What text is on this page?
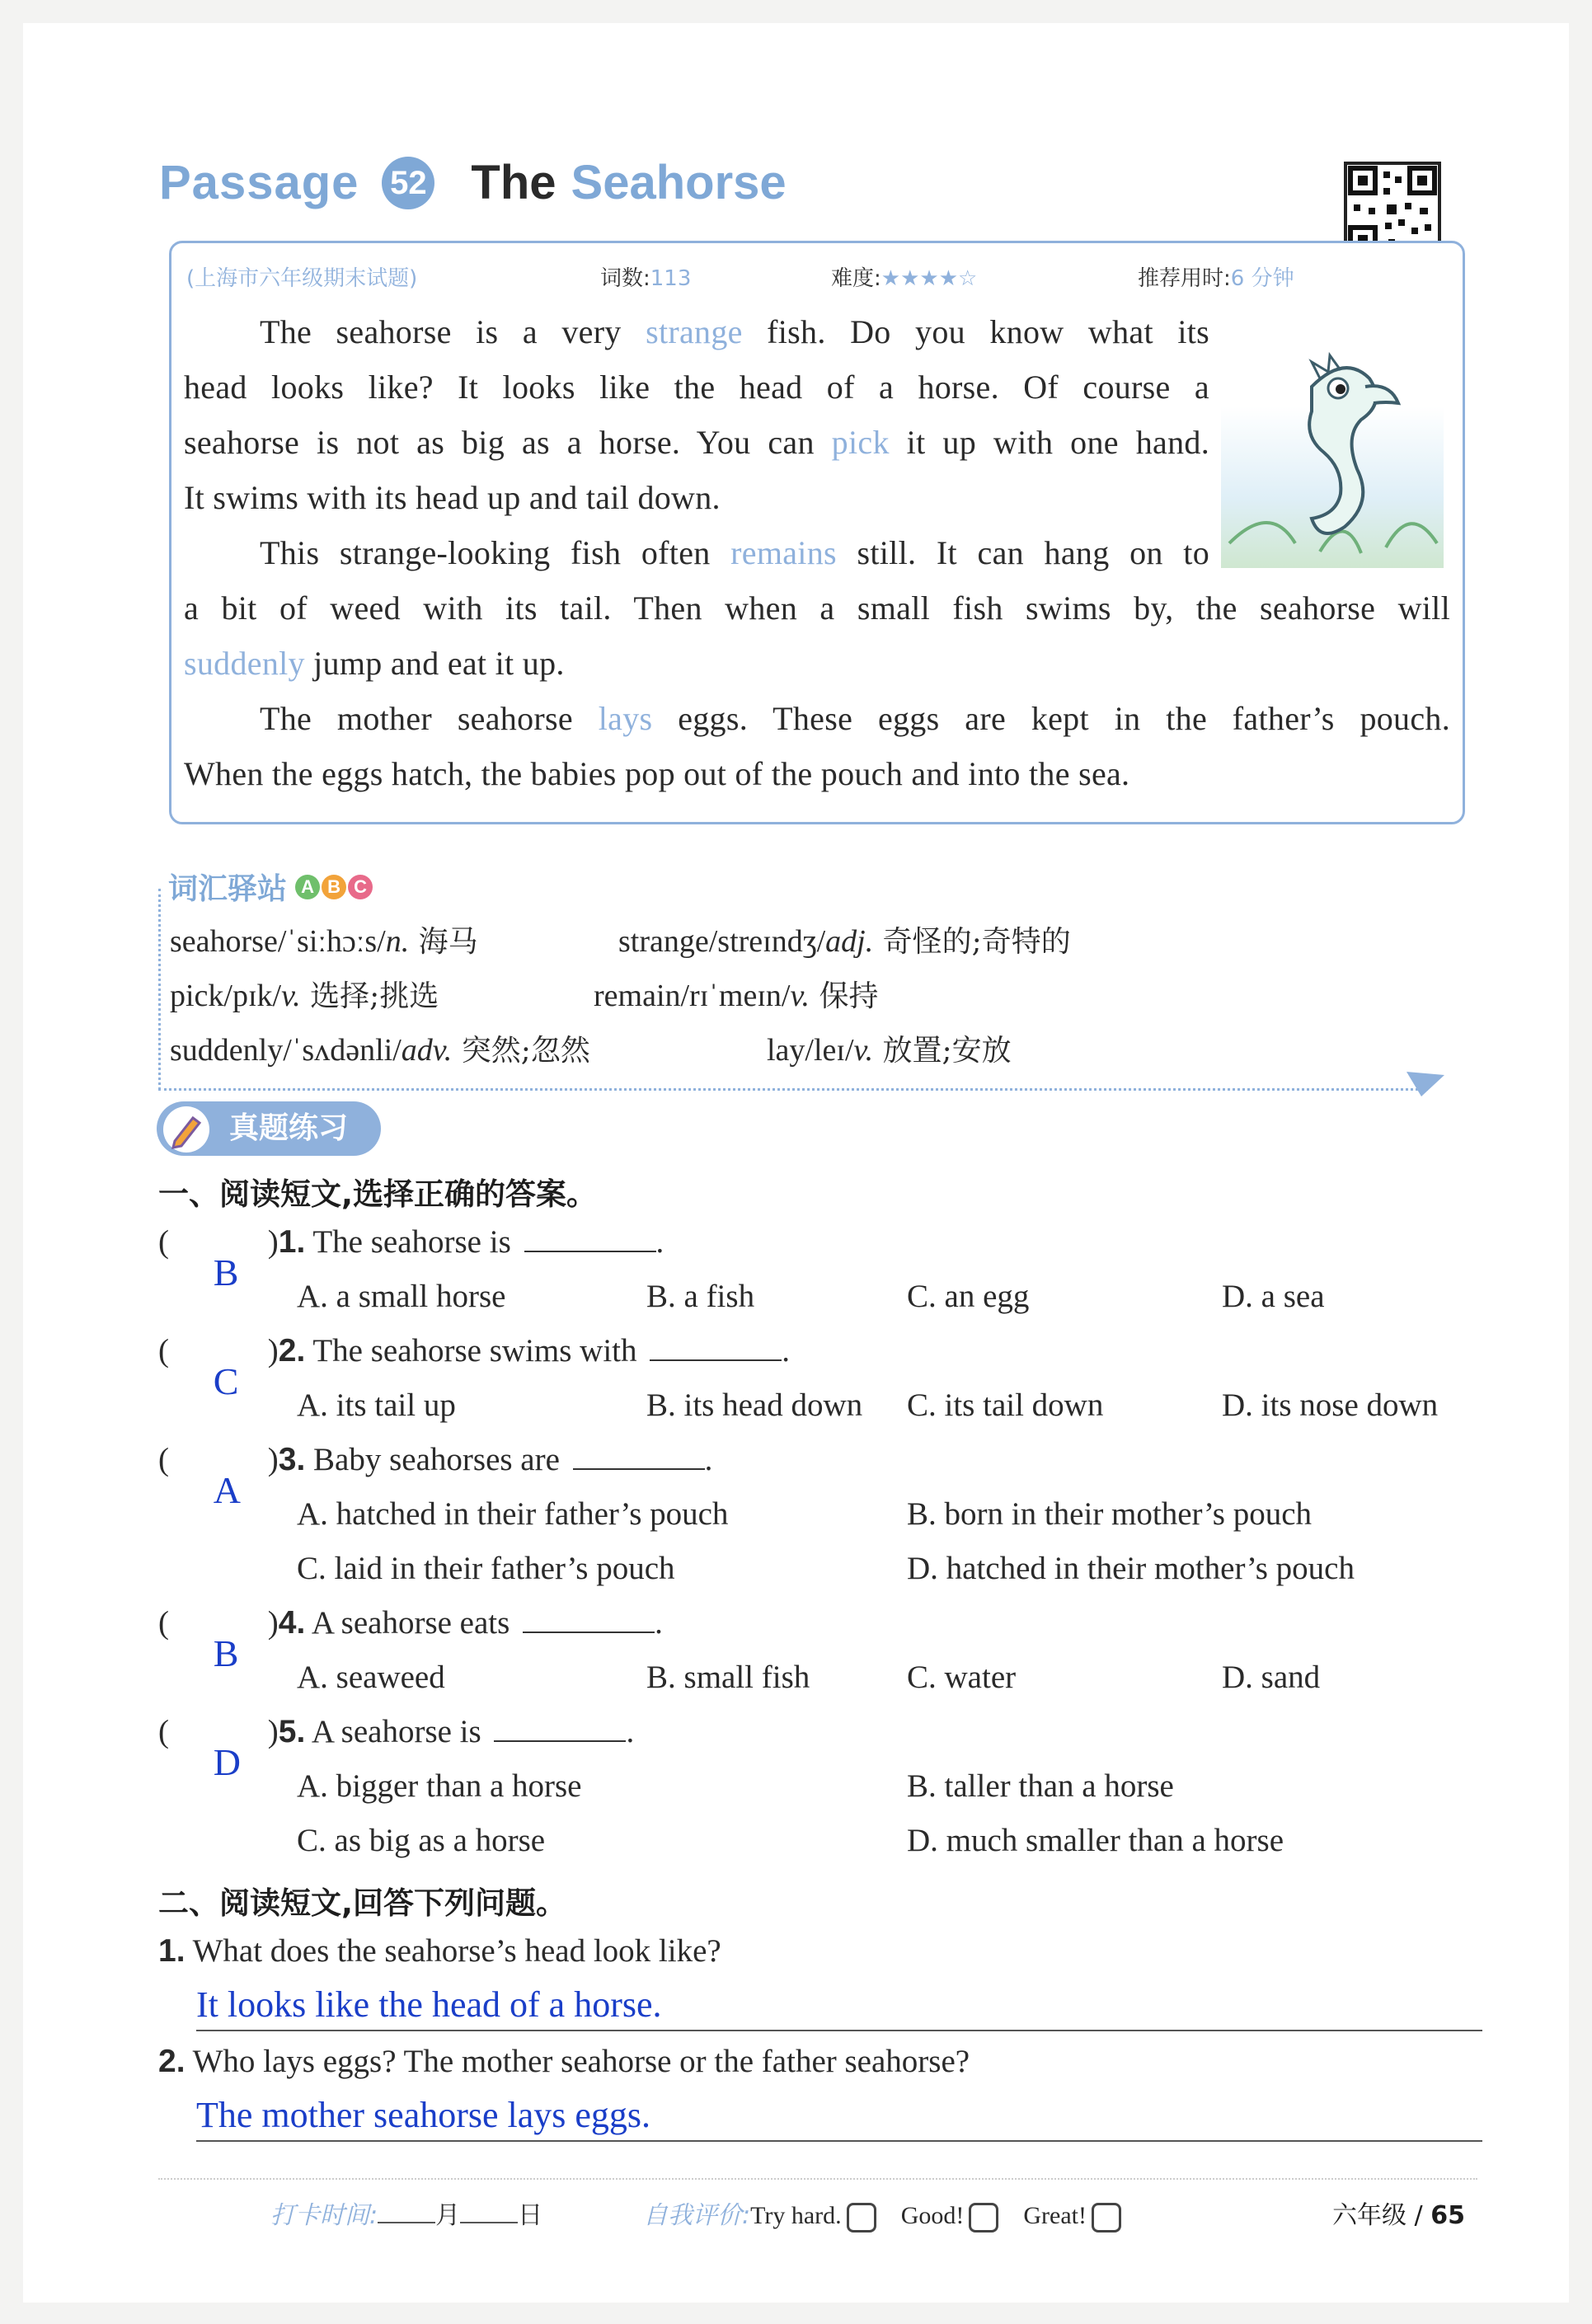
Passage 52 The Seahorse
(上海市六年级期末试题)	词数:113	难度:★★★★☆	推荐用时:6 分钟
The seahorse is a very strange fish. Do you know what its
head looks like? It looks like the head of a horse. Of course a
seahorse is not as big as a horse. You can pick it up with one hand.
It swims with its head up and tail down.
This strange-looking fish often remains still. It can hang on to
a bit of weed with its tail. Then when a small fish swims by, the seahorse will
suddenly jump and eat it up.
The mother seahorse lays eggs. These eggs are kept in the father’s pouch.
When the eggs hatch, the babies pop out of the pouch and into the sea.
词汇驿站 A B C
seahorse/ˈsiːhɔːs/n. 海马	strange/streɪndʒ/adj. 奇怪的;奇特的
pick/pɪk/v. 选择;挑选	remain/rɪˈmeɪn/v. 保持
suddenly/ˈsʌdənli/adv. 突然;忽然	lay/leɪ/v. 放置;安放
真题练习
一、阅读短文,选择正确的答案。
(
B
)1. The seahorse is	.
A. a small horse	B. a fish	C. an egg	D. a sea
(
C
)2. The seahorse swims with	.
A. its tail up	B. its head down C. its tail down	D. its nose down
(
A
)3. Baby seahorses are	.
A. hatched in their father’s pouch	B. born in their mother’s pouch
C. laid in their father’s pouch	D. hatched in their mother’s pouch
(
B
)4. A seahorse eats	.
A. seaweed	B. small fish	C. water	D. sand
(
D
)5. A seahorse is	.
A. bigger than a horse	B. taller than a horse
C. as big as a horse	D. much smaller than a horse
二、阅读短文,回答下列问题。
1. What does the seahorse’s head look like?
It looks like the head of a horse.
2. Who lays eggs? The mother seahorse or the father seahorse?
The mother seahorse lays eggs.
打卡时间: 月 日	自我评价:Try hard. Good! Great!	六年级 / 65
